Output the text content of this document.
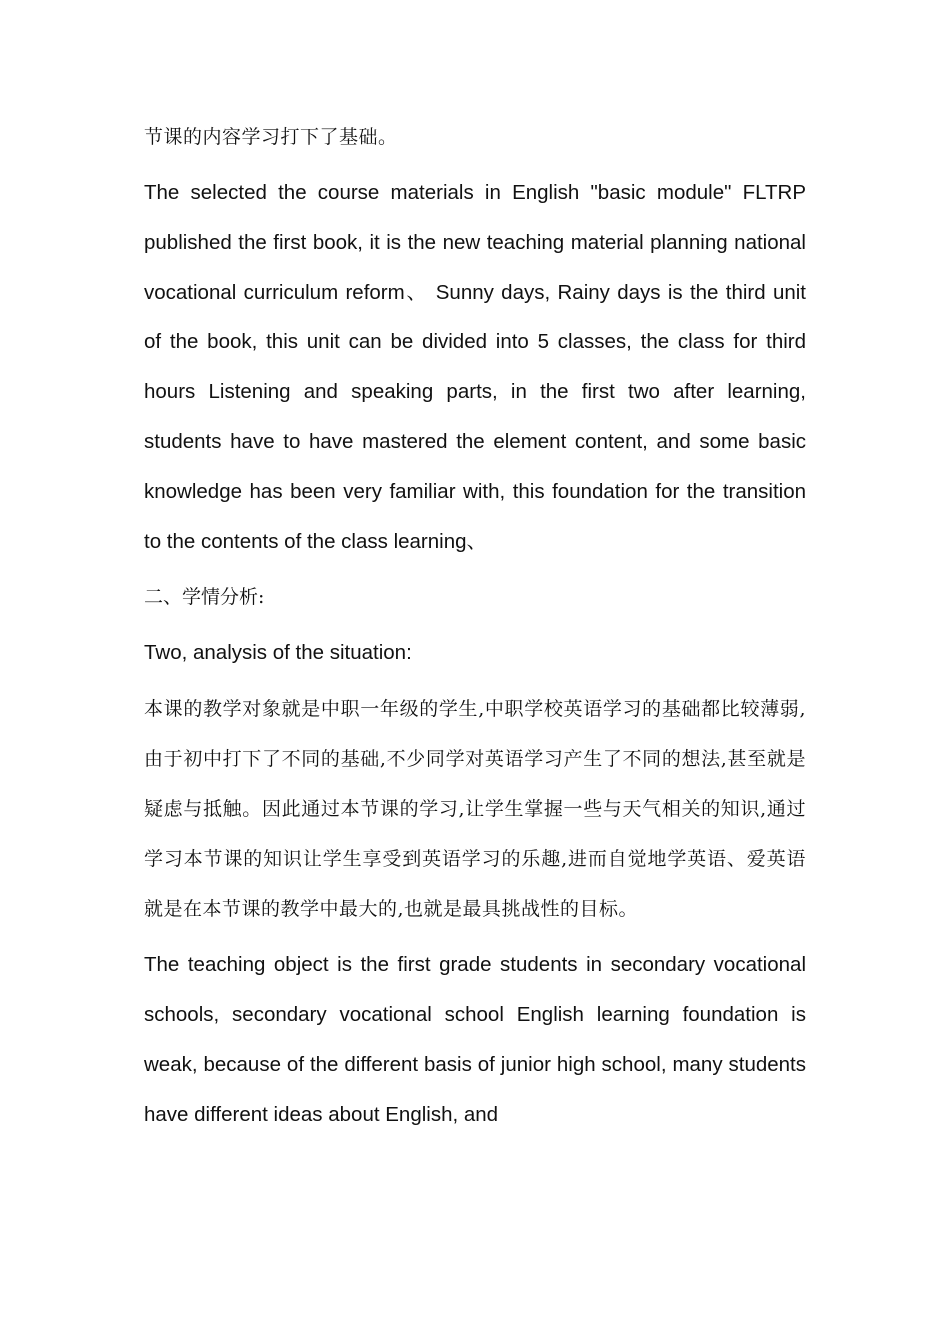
节课的内容学习打下了基础。

The selected the course materials in English "basic module" FLTRP published the first book, it is the new teaching material planning national vocational curriculum reform、 Sunny days, Rainy days is the third unit of the book, this unit can be divided into 5 classes, the class for third hours Listening and speaking parts, in the first two after learning, students have to have mastered the element content, and some basic knowledge has been very familiar with, this foundation for the transition to the contents of the class learning、

二、学情分析:

Two, analysis of the situation:

本课的教学对象就是中职一年级的学生,中职学校英语学习的基础都比较薄弱,由于初中打下了不同的基础,不少同学对英语学习产生了不同的想法,甚至就是疑虑与抵触。因此通过本节课的学习,让学生掌握一些与天气相关的知识,通过学习本节课的知识让学生享受到英语学习的乐趣,进而自觉地学英语、爱英语就是在本节课的教学中最大的,也就是最具挑战性的目标。

The teaching object is the first grade students in secondary vocational schools, secondary vocational school English learning foundation is weak, because of the different basis of junior high school, many students have different ideas about English, and
